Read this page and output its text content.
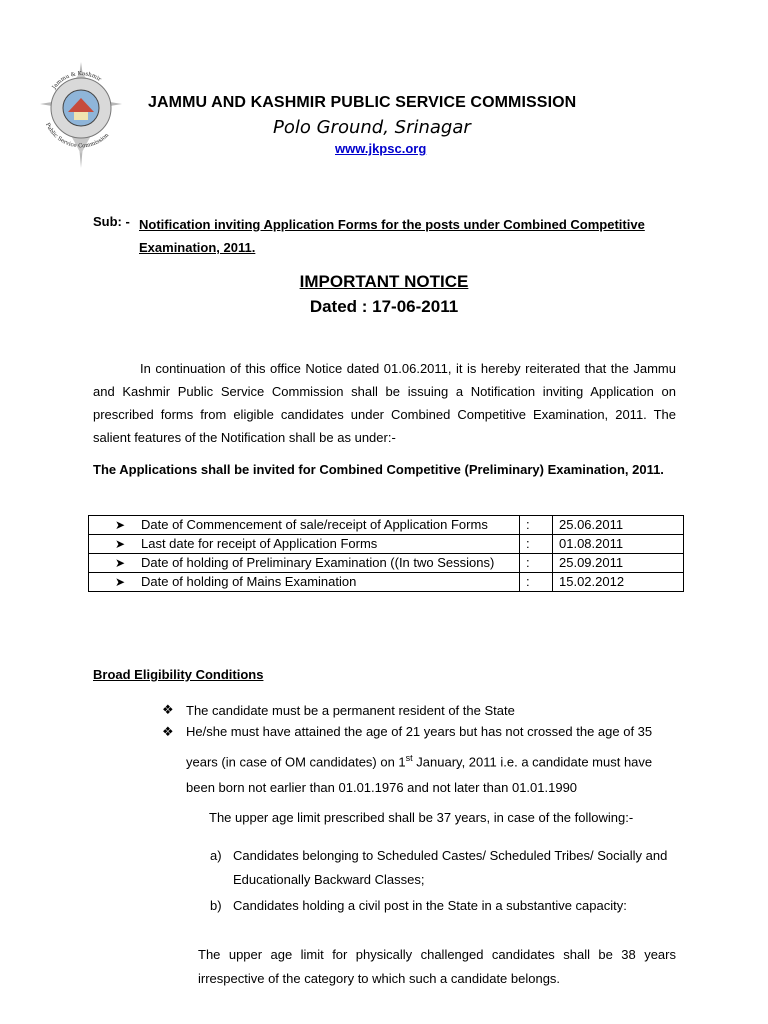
Jammu & Kashmir
Public Service Commission
JAMMU AND KASHMIR PUBLIC SERVICE COMMISSION
Polo Ground, Srinagar
www.jkpsc.org
Sub: - Notification inviting Application Forms for the posts under Combined Competitive Examination, 2011.
IMPORTANT NOTICE
Dated : 17-06-2011
In continuation of this office Notice dated 01.06.2011, it is hereby reiterated that the Jammu and Kashmir Public Service Commission shall be issuing a Notification inviting Application on prescribed forms from eligible candidates under Combined Competitive Examination, 2011. The salient features of the Notification shall be as under:-
The Applications shall be invited for Combined Competitive (Preliminary) Examination, 2011.
➤ Date of Commencement of sale/receipt of Application Forms	:	25.06.2011

➤ Last date for receipt of Application Forms	:	01.08.2011

➤ Date of holding of Preliminary Examination ((In two Sessions)	:	25.09.2011

➤ Date of holding of Mains Examination	:	15.02.2012
Broad Eligibility Conditions
❖ The candidate must be a permanent resident of the State
❖ He/she must have attained the age of 21 years but has not crossed the age of 35 years (in case of OM candidates) on 1st January, 2011 i.e. a candidate must have been born not earlier than 01.01.1976 and not later than 01.01.1990
The upper age limit prescribed shall be 37 years, in case of the following:-
a) Candidates belonging to Scheduled Castes/ Scheduled Tribes/ Socially and Educationally Backward Classes;
b) Candidates holding a civil post in the State in a substantive capacity:
The upper age limit for physically challenged candidates shall be 38 years irrespective of the category to which such a candidate belongs.
